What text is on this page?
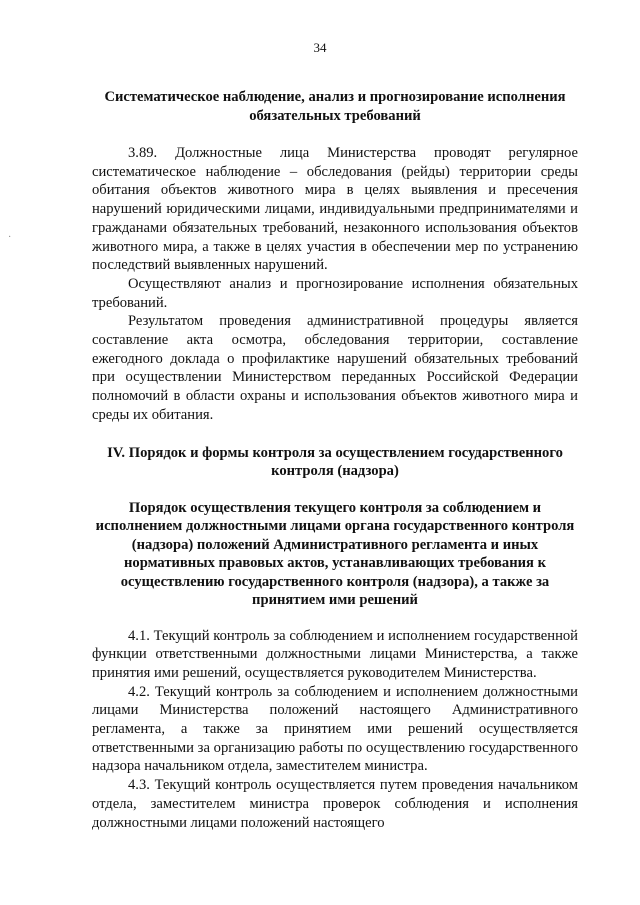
34
·

Систематическое наблюдение, анализ и прогнозирование исполнения обязательных требований

3.89. Должностные лица Министерства проводят регулярное систематическое наблюдение – обследования (рейды) территории среды обитания объектов животного мира в целях выявления и пресечения нарушений юридическими лицами, индивидуальными предпринимателями и гражданами обязательных требований, незаконного использования объектов животного мира, а также в целях участия в обеспечении мер по устранению последствий выявленных нарушений.

Осуществляют анализ и прогнозирование исполнения обязательных требований.

Результатом проведения административной процедуры является составление акта осмотра, обследования территории, составление ежегодного доклада о профилактике нарушений обязательных требований при осуществлении Министерством переданных Российской Федерации полномочий в области охраны и использования объектов животного мира и среды их обитания.

IV. Порядок и формы контроля за осуществлением государственного контроля (надзора)

Порядок осуществления текущего контроля за соблюдением и исполнением должностными лицами органа государственного контроля (надзора) положений Административного регламента и иных нормативных правовых актов, устанавливающих требования к осуществлению государственного контроля (надзора), а также за принятием ими решений

4.1. Текущий контроль за соблюдением и исполнением государственной функции ответственными должностными лицами Министерства, а также принятия ими решений, осуществляется руководителем Министерства.

4.2. Текущий контроль за соблюдением и исполнением должностными лицами Министерства положений настоящего Административного регламента, а также за принятием ими решений осуществляется ответственными за организацию работы по осуществлению государственного надзора начальником отдела, заместителем министра.

4.3. Текущий контроль осуществляется путем проведения начальником отдела, заместителем министра проверок соблюдения и исполнения должностными лицами положений настоящего
